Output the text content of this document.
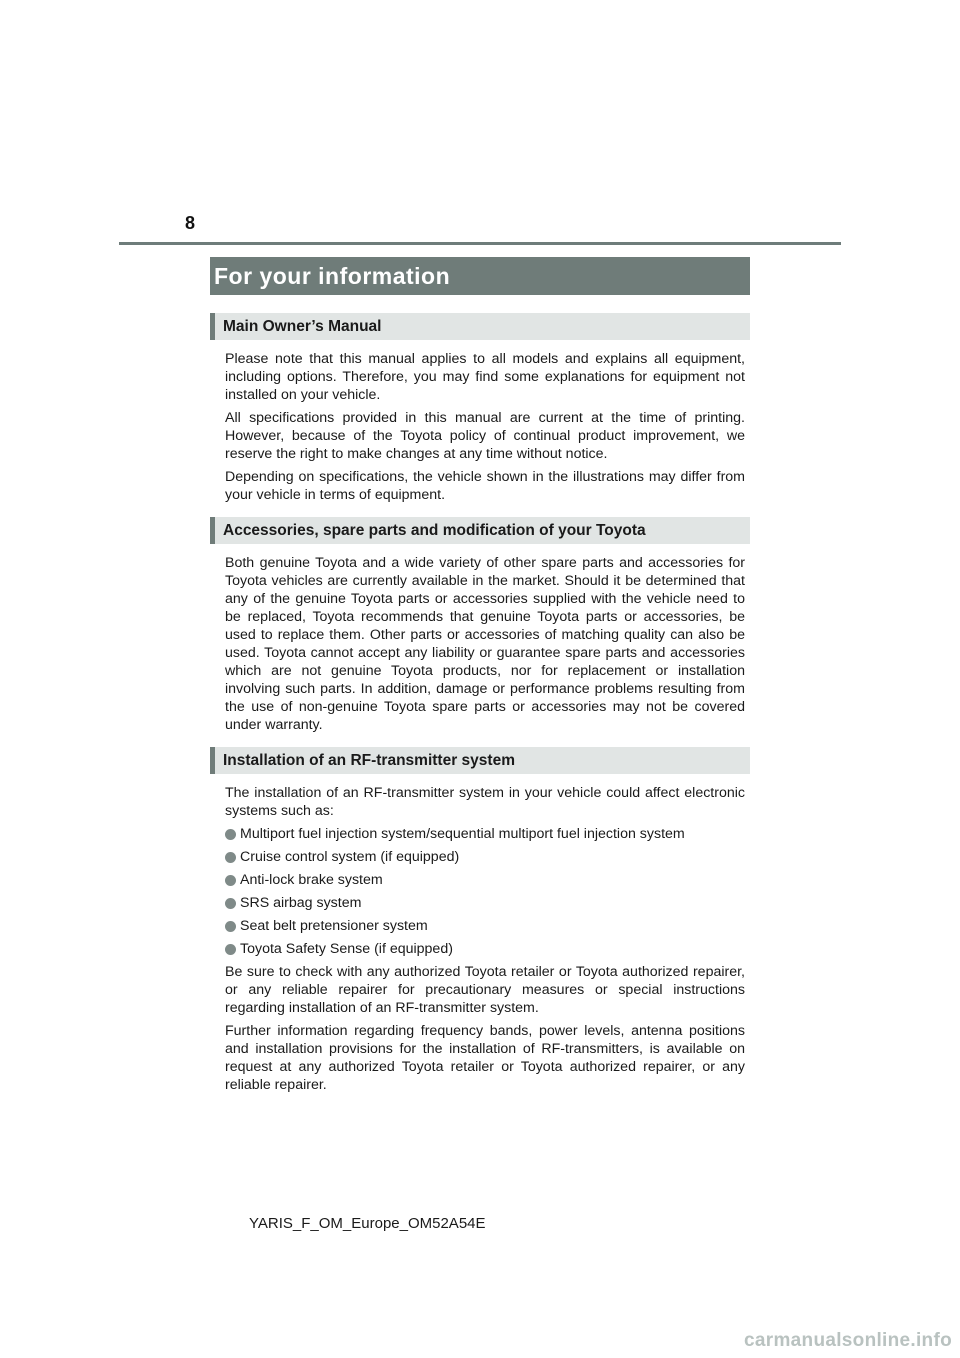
8
For your information
Main Owner’s Manual

Please note that this manual applies to all models and explains all equipment, including options. Therefore, you may find some explanations for equipment not installed on your vehicle.

All specifications provided in this manual are current at the time of printing. However, because of the Toyota policy of continual product improvement, we reserve the right to make changes at any time without notice.

Depending on specifications, the vehicle shown in the illustrations may differ from your vehicle in terms of equipment.

Accessories, spare parts and modification of your Toyota

Both genuine Toyota and a wide variety of other spare parts and accessories for Toyota vehicles are currently available in the market. Should it be determined that any of the genuine Toyota parts or accessories supplied with the vehicle need to be replaced, Toyota recommends that genuine Toyota parts or accessories, be used to replace them. Other parts or accessories of matching quality can also be used. Toyota cannot accept any liability or guarantee spare parts and accessories which are not genuine Toyota products, nor for replacement or installation involving such parts. In addition, damage or performance problems resulting from the use of non-genuine Toyota spare parts or accessories may not be covered under warranty.

Installation of an RF-transmitter system

The installation of an RF-transmitter system in your vehicle could affect electronic systems such as:

Multiport fuel injection system/sequential multiport fuel injection system
Cruise control system (if equipped)
Anti-lock brake system
SRS airbag system
Seat belt pretensioner system
Toyota Safety Sense (if equipped)

Be sure to check with any authorized Toyota retailer or Toyota authorized repairer, or any reliable repairer for precautionary measures or special instructions regarding installation of an RF-transmitter system.

Further information regarding frequency bands, power levels, antenna positions and installation provisions for the installation of RF-transmitters, is available on request at any authorized Toyota retailer or Toyota authorized repairer, or any reliable repairer.

YARIS_F_OM_Europe_OM52A54E
carmanualsonline.info
